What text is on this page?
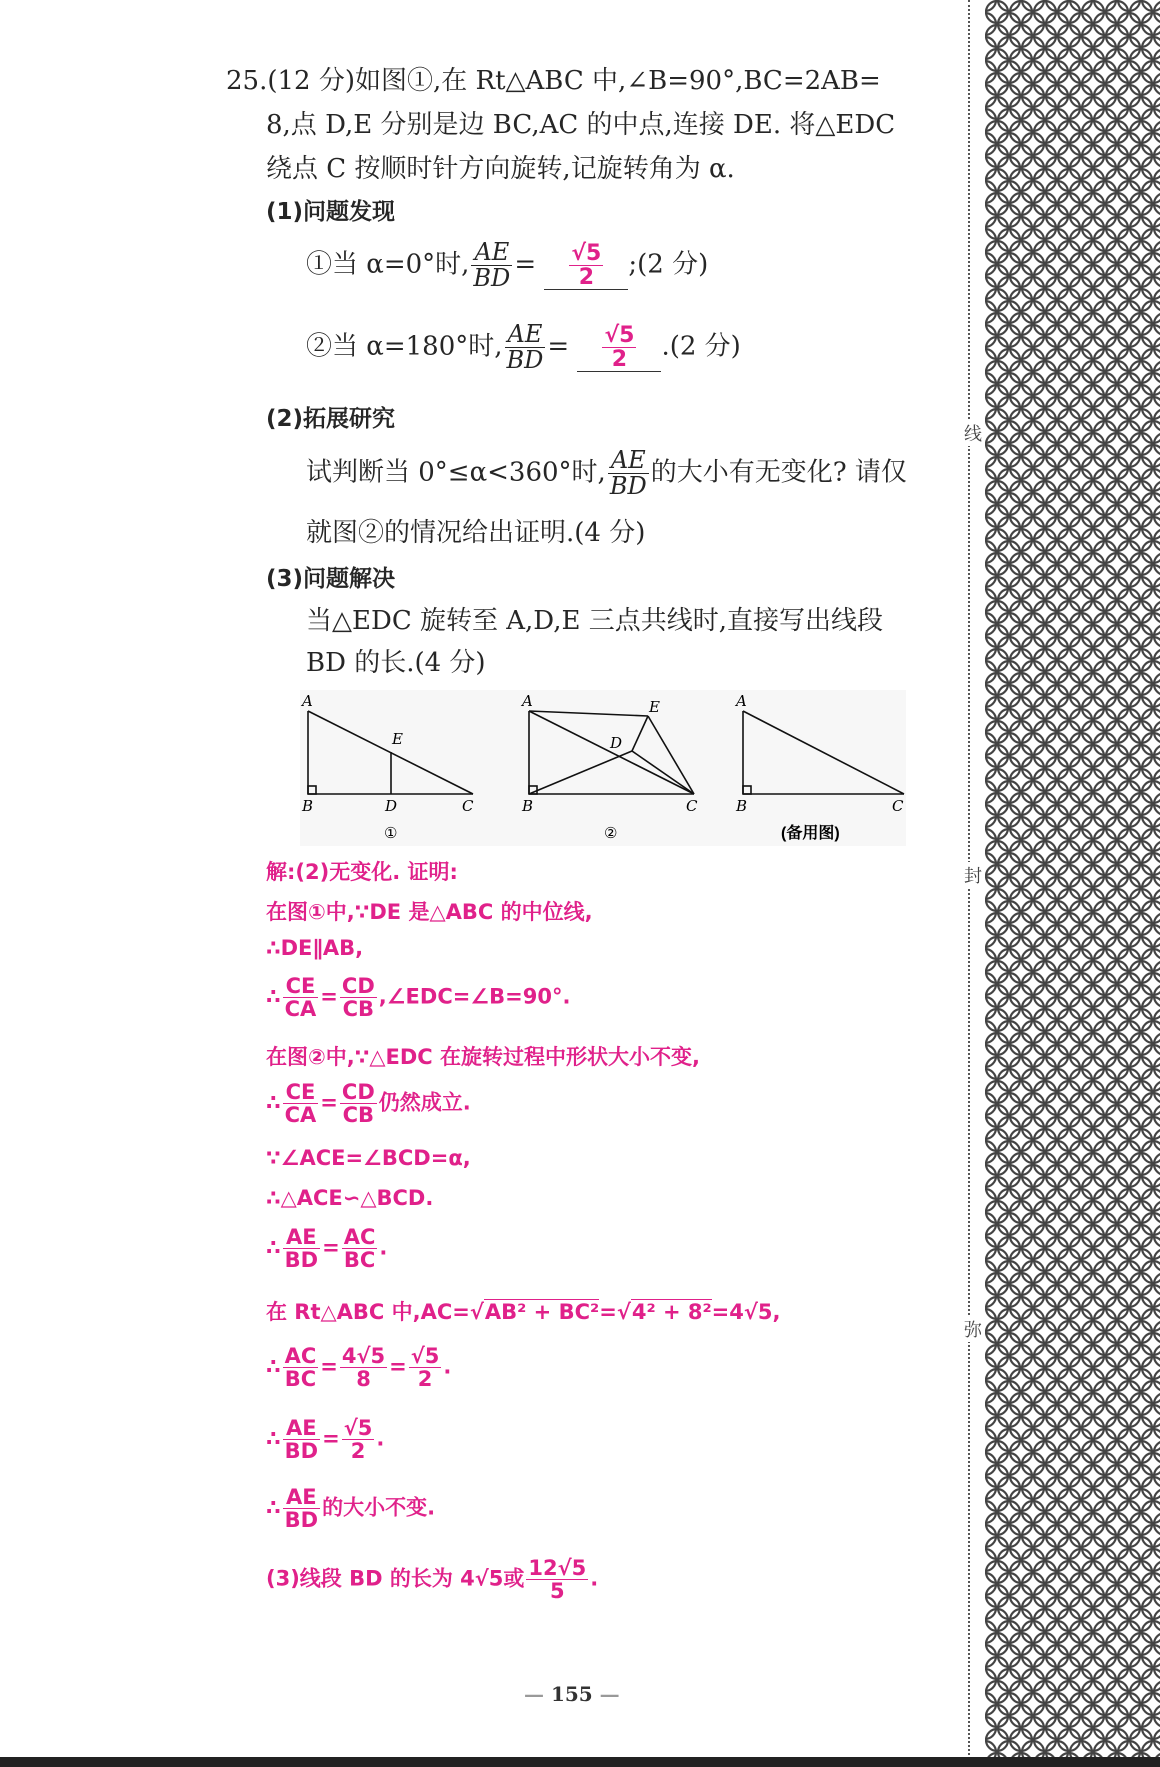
25.(12 分)如图①,在 Rt△ABC 中,∠B=90°,BC=2AB=
8,点 D,E 分别是边 BC,AC 的中点,连接 DE. 将△EDC
绕点 C 按顺时针方向旋转,记旋转角为 α.
(1)问题发现
①当 α=0°时, $\frac{AE}{BD} = \frac{√5}{2}$ ;(2 分)
②当 α=180°时, $\frac{AE}{BD} = \frac{√5}{2} .(2$ 分)
(2)拓展研究
试判断当 0°≤α<360°时, $\frac{AE}{BD}$ 的大小有无变化? 请仅
就图②的情况给出证明.(4 分)
(3)问题解决
当△EDC 旋转至 A,D,E 三点共线时,直接写出线段
BD 的长.(4 分)
A
B	D	C
E
①
A
B	C
E
D
②
A
B	C
(备用图)
解:(2)无变化. 证明:
在图①中,∵DE 是△ABC 的中位线,
∴DE∥AB,
∴ $\frac{CE}{CA} = \frac{CD}{CB}$ ,∠EDC=∠B=90°.
在图②中,∵△EDC 在旋转过程中形状大小不变,
∴ $\frac{CE}{CA} = \frac{CD}{CB}$ 仍然成立.
∵∠ACE=∠BCD=α,
∴△ACE∽△BCD.
∴ $\frac{AE}{BD} = \frac{AC}{BC}$ .
在 Rt△ABC 中,AC=√AB² + BC²=√4² + 8²=4√5,
∴ $\frac{AC}{BC} = \frac{4√5}{8} = \frac{√5}{2}$ .
∴ $\frac{AE}{BD} = \frac{√5}{2}$ .
∴ $\frac{AE}{BD}$ 的大小不变.
(3)线段 BD 的长为 4√5或 $\frac{12√5}{5}$ .
— 155 —
线
封
弥
